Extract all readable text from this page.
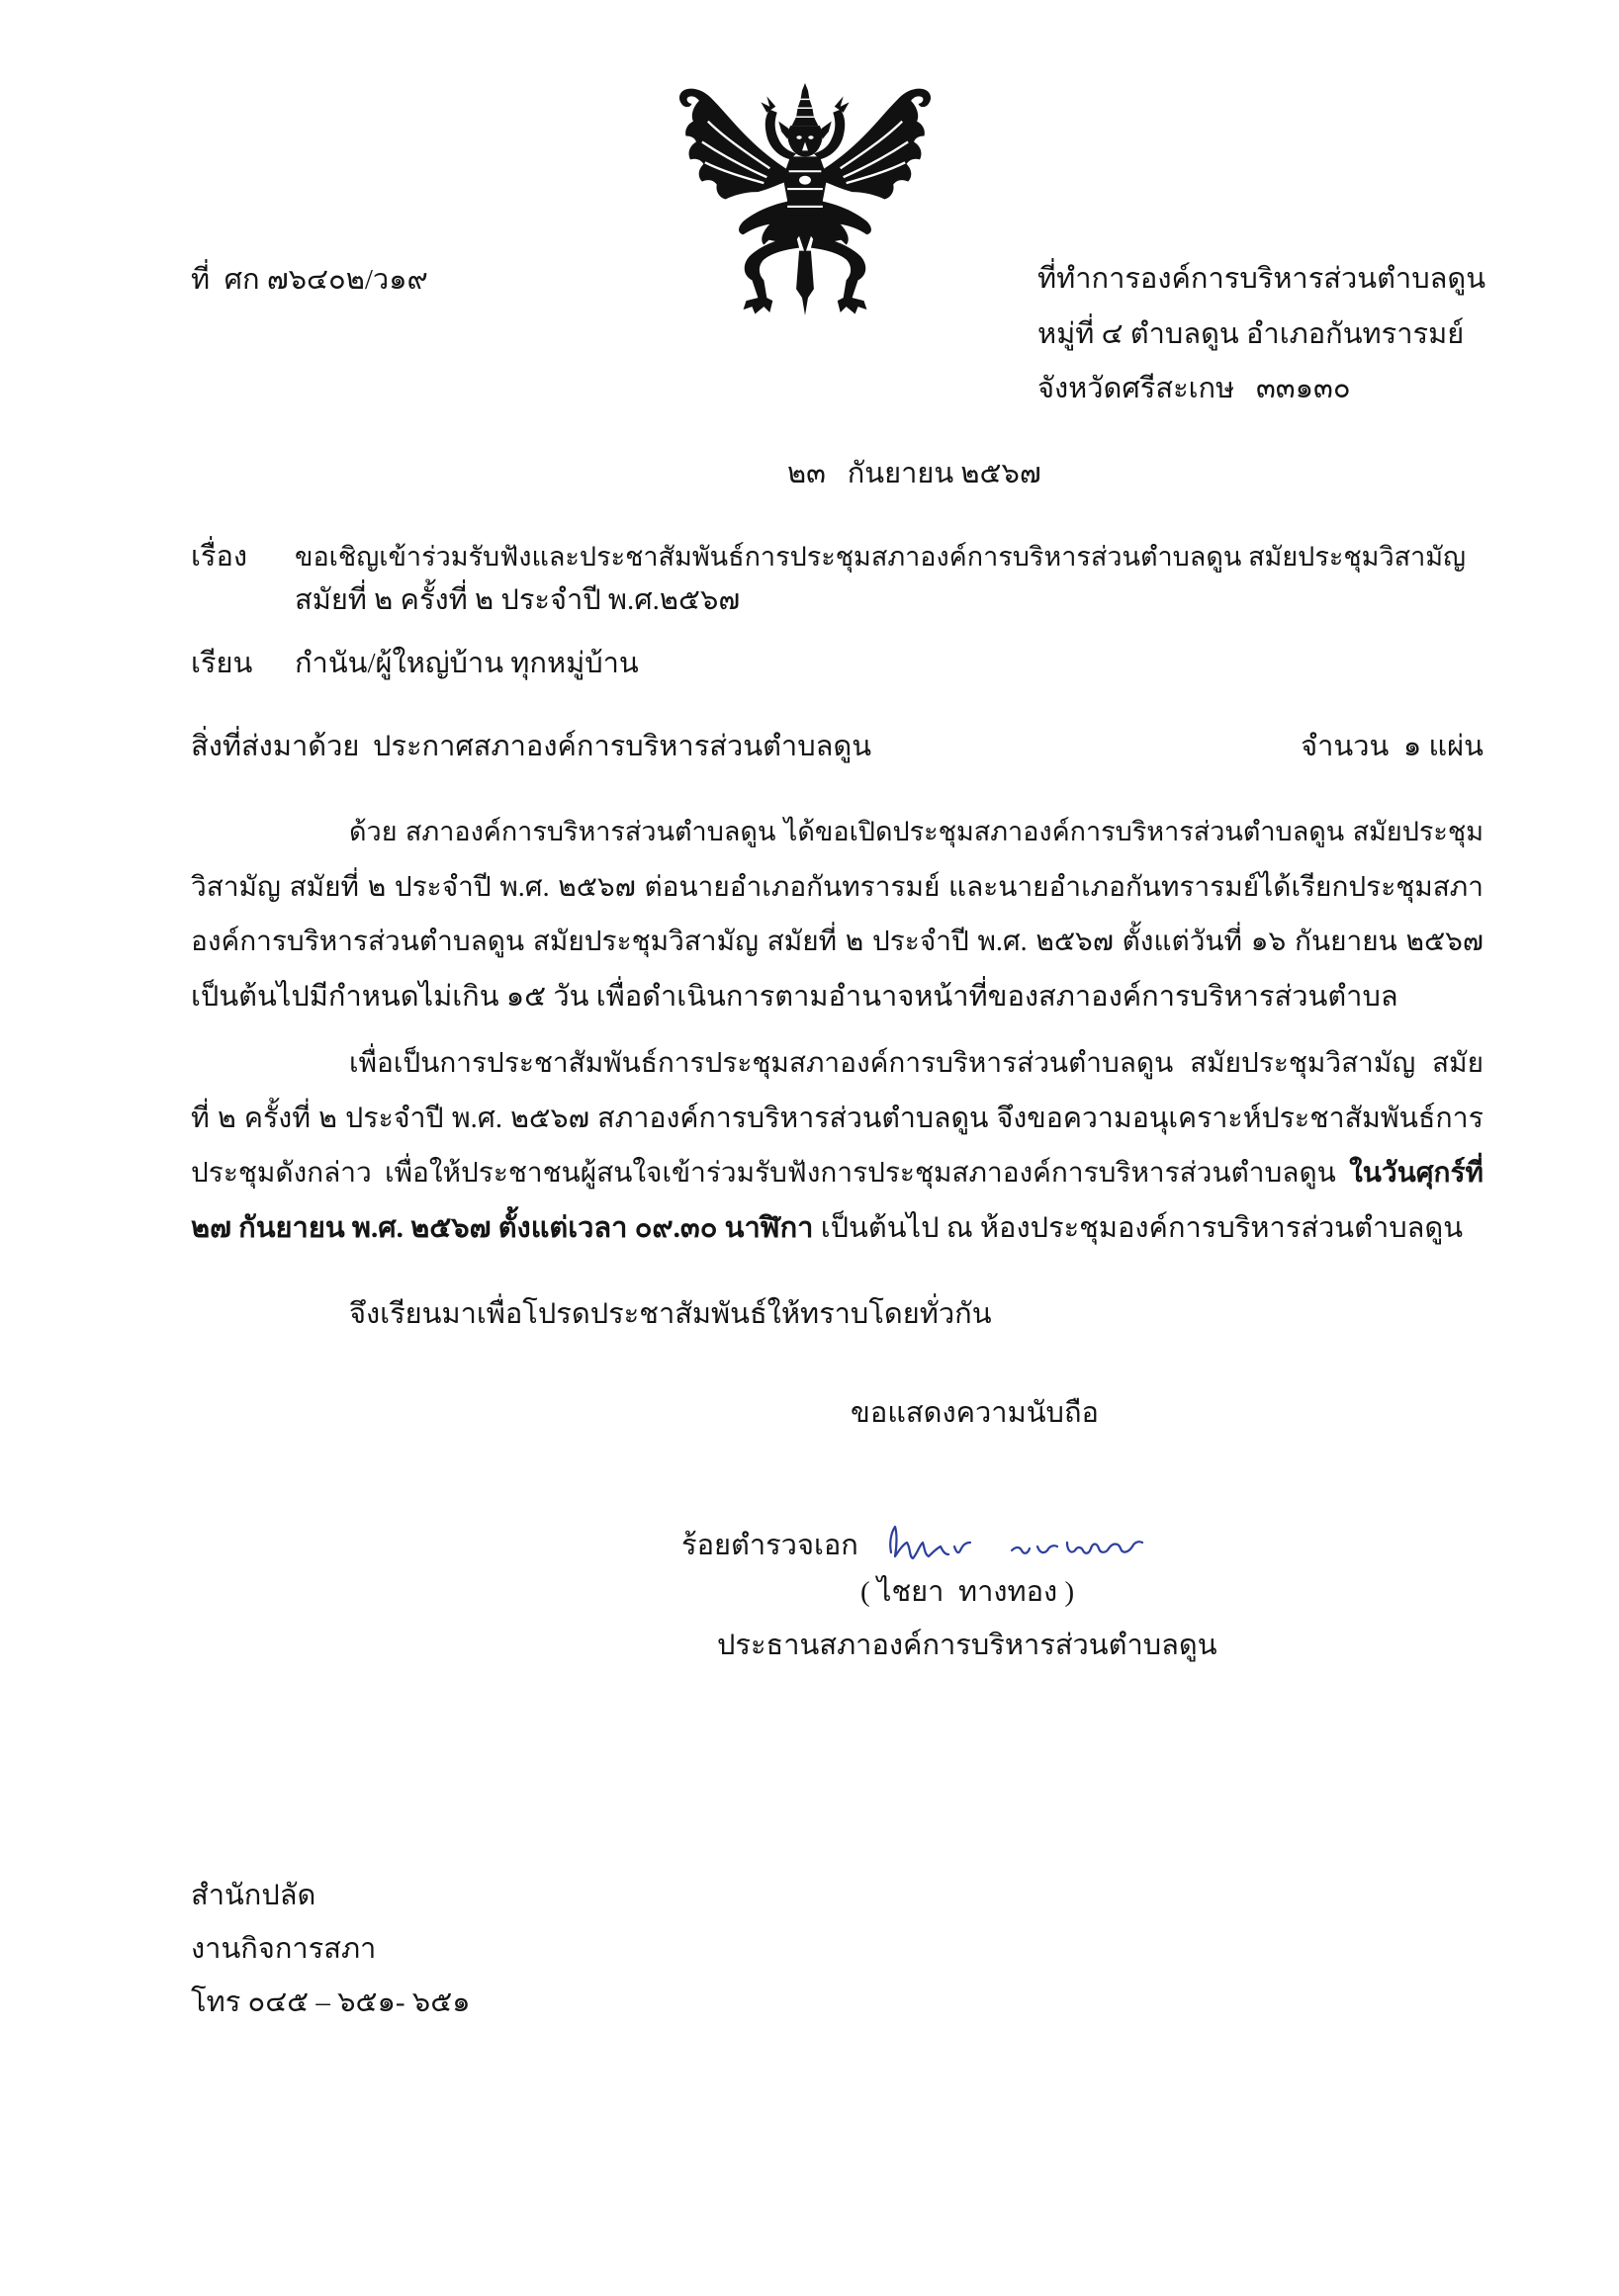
ที่  ศก ๗๖๔๐๒/ว๑๙	ที่ทำการองค์การบริหารส่วนตำบลดูน
หมู่ที่ ๔ ตำบลดูน อำเภอกันทรารมย์
จังหวัดศรีสะเกษ   ๓๓๑๓๐
๒๓   กันยายน ๒๕๖๗
เรื่อง	ขอเชิญเข้าร่วมรับฟังและประชาสัมพันธ์การประชุมสภาองค์การบริหารส่วนตำบลดูน สมัยประชุมวิสามัญ
สมัยที่ ๒ ครั้งที่ ๒ ประจำปี พ.ศ.๒๕๖๗
เรียน	กำนัน/ผู้ใหญ่บ้าน ทุกหมู่บ้าน
สิ่งที่ส่งมาด้วย ประกาศสภาองค์การบริหารส่วนตำบลดูน	จำนวน  ๑ แผ่น
ด้วย สภาองค์การบริหารส่วนตำบลดูน ได้ขอเปิดประชุมสภาองค์การบริหารส่วนตำบลดูน สมัยประชุม
วิสามัญ สมัยที่ ๒ ประจำปี พ.ศ. ๒๕๖๗ ต่อนายอำเภอกันทรารมย์ และนายอำเภอกันทรารมย์ได้เรียกประชุมสภา
องค์การบริหารส่วนตำบลดูน สมัยประชุมวิสามัญ สมัยที่ ๒ ประจำปี พ.ศ. ๒๕๖๗ ตั้งแต่วันที่ ๑๖ กันยายน ๒๕๖๗
เป็นต้นไปมีกำหนดไม่เกิน ๑๕ วัน เพื่อดำเนินการตามอำนาจหน้าที่ของสภาองค์การบริหารส่วนตำบล
เพื่อเป็นการประชาสัมพันธ์การประชุมสภาองค์การบริหารส่วนตำบลดูน สมัยประชุมวิสามัญ สมัย
ที่ ๒ ครั้งที่ ๒ ประจำปี พ.ศ. ๒๕๖๗ สภาองค์การบริหารส่วนตำบลดูน จึงขอความอนุเคราะห์ประชาสัมพันธ์การ
ประชุมดังกล่าว เพื่อให้ประชาชนผู้สนใจเข้าร่วมรับฟังการประชุมสภาองค์การบริหารส่วนตำบลดูน ในวันศุกร์ที่
๒๗ กันยายน พ.ศ. ๒๕๖๗ ตั้งแต่เวลา ๐๙.๓๐ นาฬิกา เป็นต้นไป ณ ห้องประชุมองค์การบริหารส่วนตำบลดูน
จึงเรียนมาเพื่อโปรดประชาสัมพันธ์ให้ทราบโดยทั่วกัน
ขอแสดงความนับถือ
ร้อยตำรวจเอก
( ไชยา  ทางทอง )
ประธานสภาองค์การบริหารส่วนตำบลดูน
สำนักปลัด
งานกิจการสภา
โทร ๐๔๕ – ๖๕๑- ๖๕๑
